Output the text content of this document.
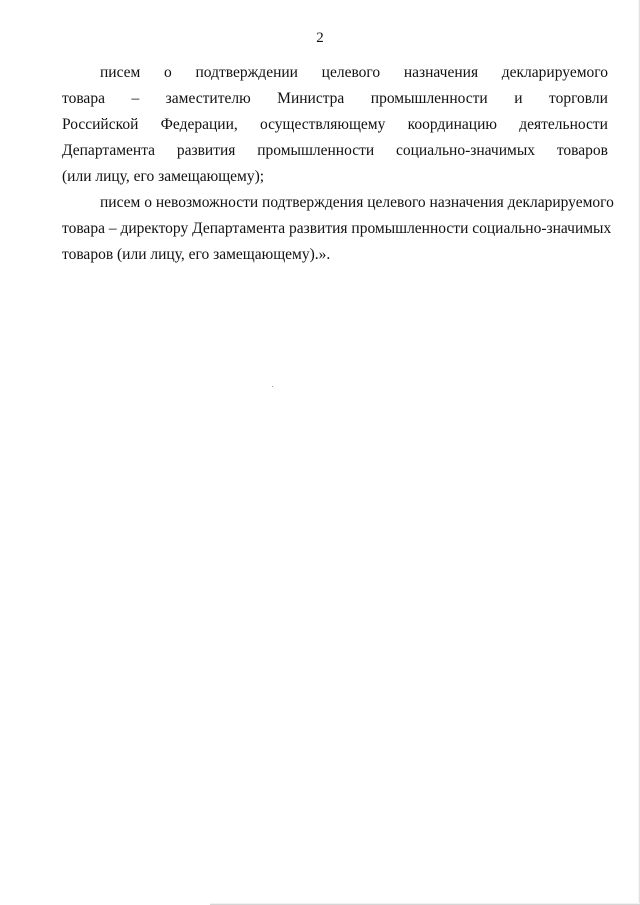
2
писем о подтверждении целевого назначения декларируемого
товара – заместителю Министра промышленности и торговли
Российской Федерации, осуществляющему координацию деятельности
Департамента развития промышленности социально-значимых товаров
(или лицу, его замещающему);
писем о невозможности подтверждения целевого назначения декларируемого
товара – директору Департамента развития промышленности социально-значимых
товаров (или лицу, его замещающему).».
